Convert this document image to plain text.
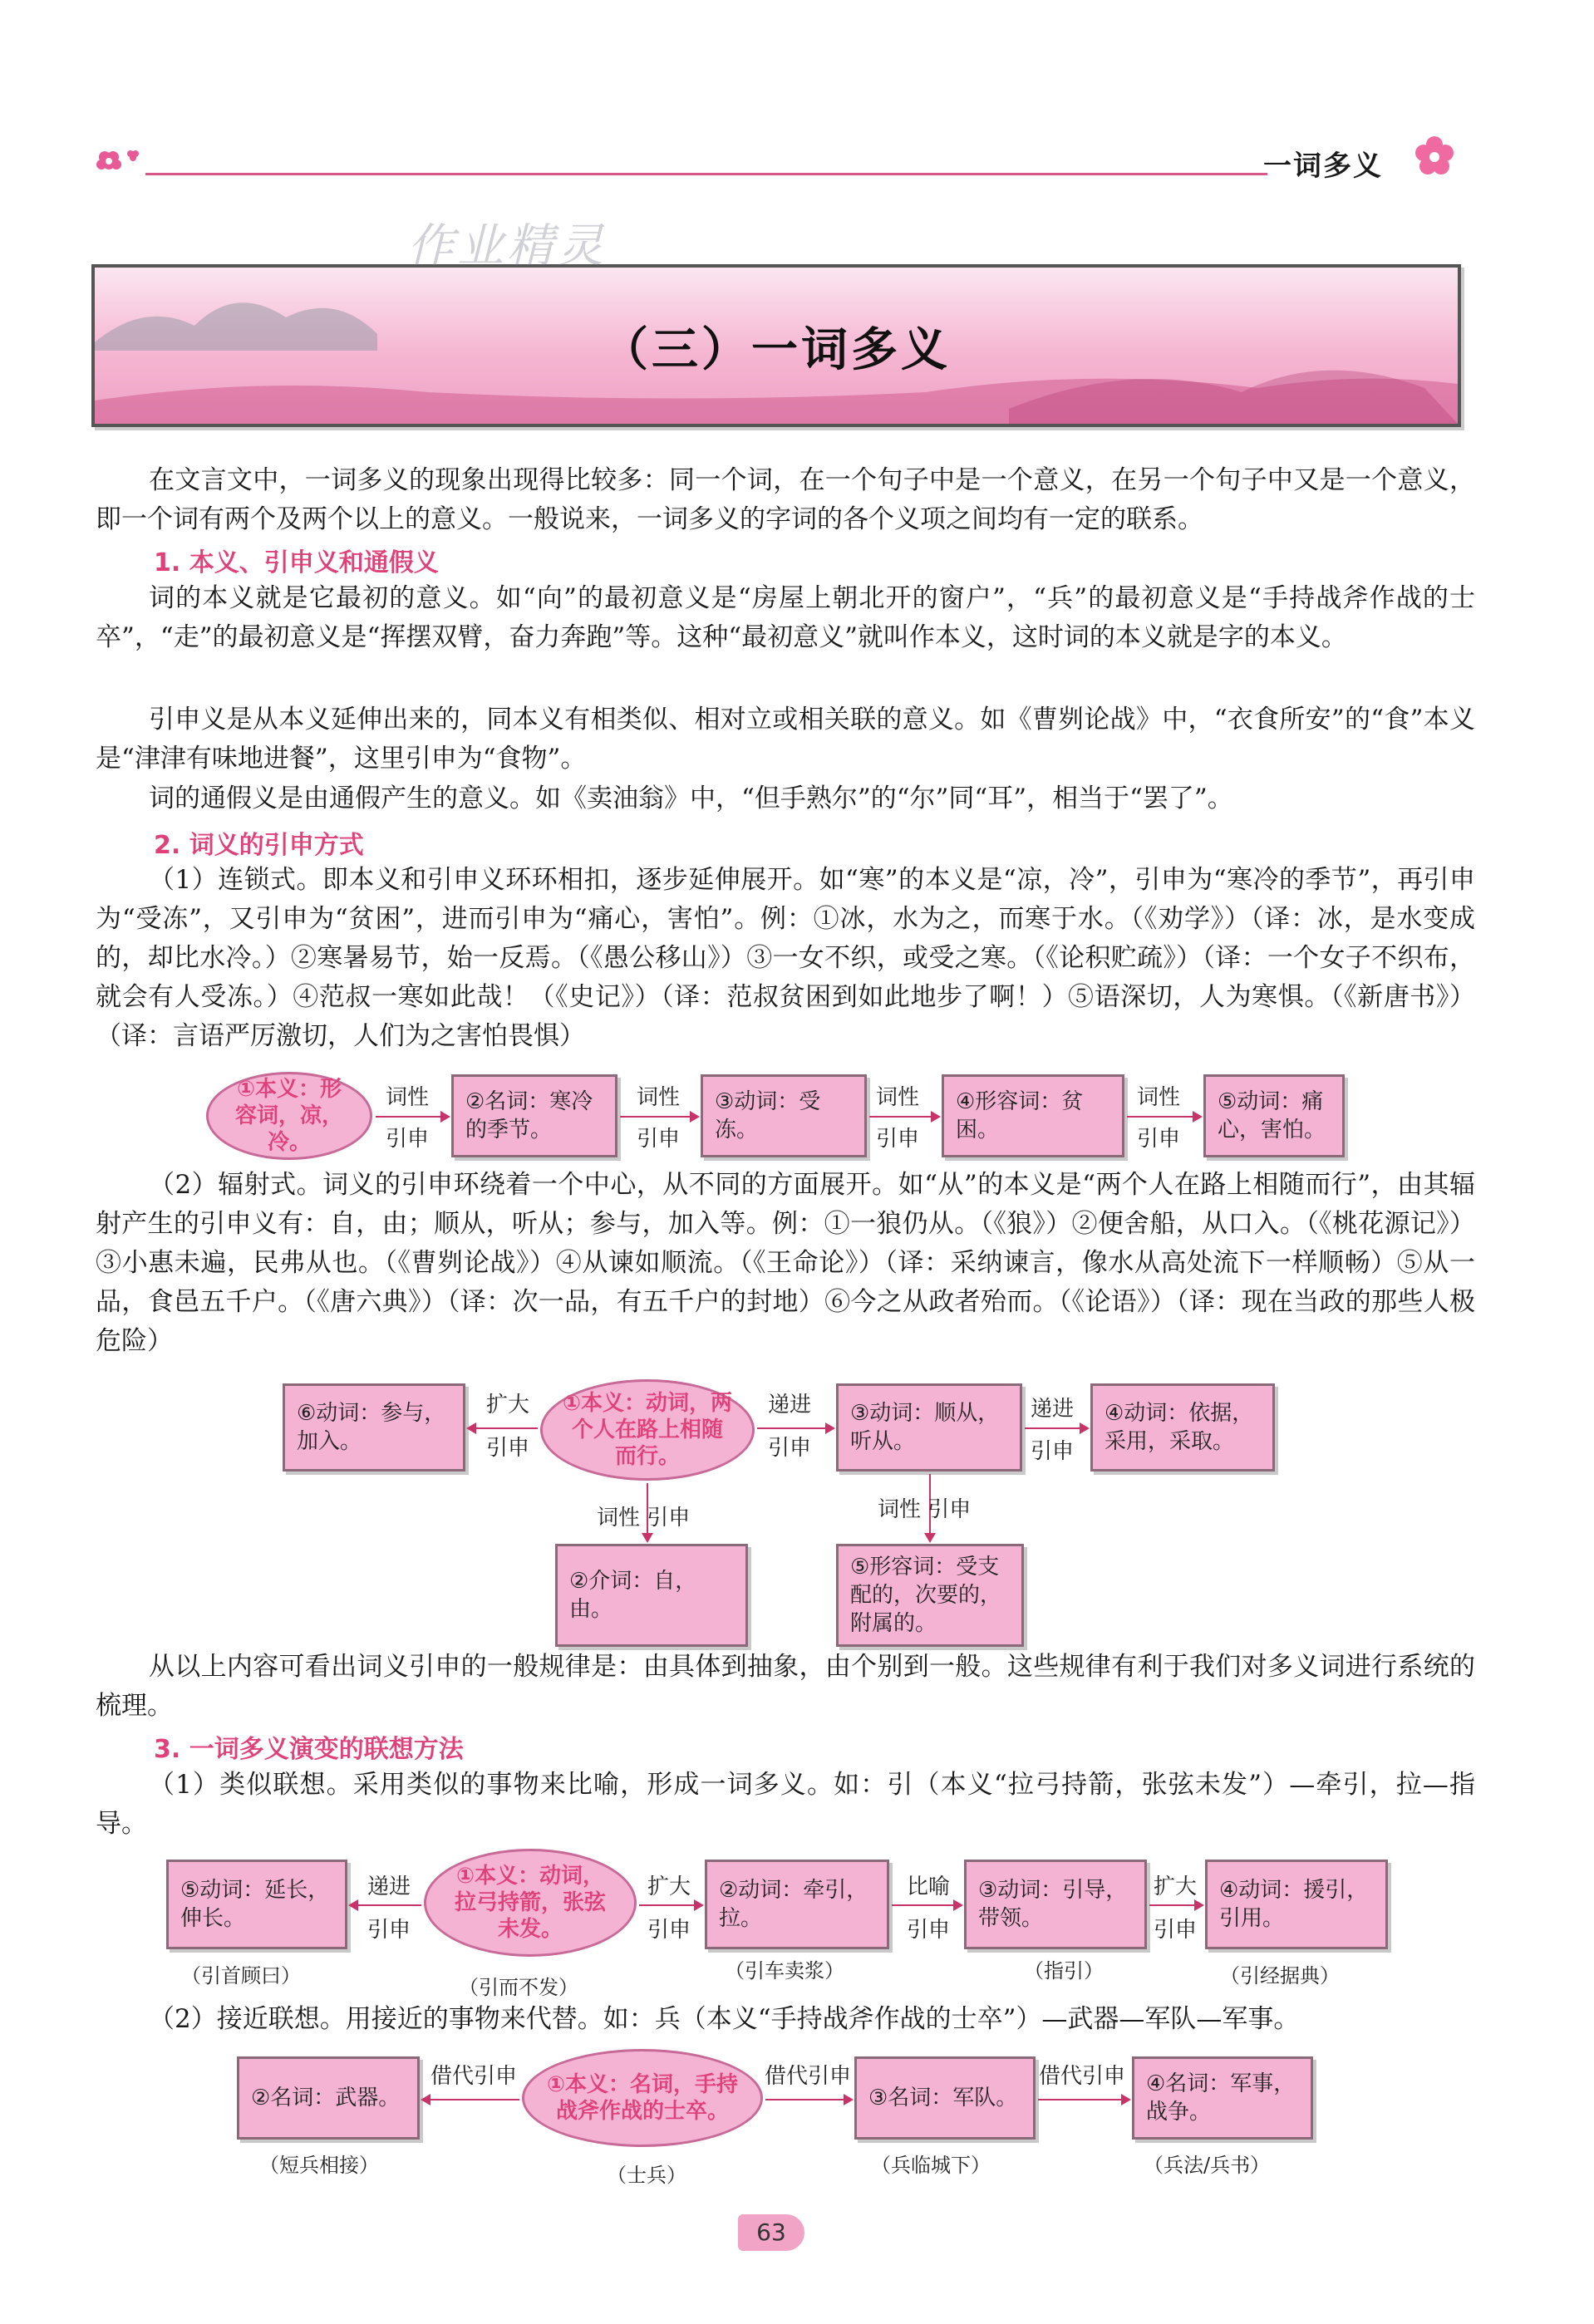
一词多义
（三）一词多义
作业精灵
在文言文中，一词多义的现象出现得比较多：同一个词，在一个句子中是一个意义，在另一个句子中又是一个意义，即一个词有两个及两个以上的意义。一般说来，一词多义的字词的各个义项之间均有一定的联系。
1. 本义、引申义和通假义
词的本义就是它最初的意义。如“向”的最初意义是“房屋上朝北开的窗户”，“兵”的最初意义是“手持战斧作战的士卒”，“走”的最初意义是“挥摆双臂，奋力奔跑”等。这种“最初意义”就叫作本义，这时词的本义就是字的本义。
引申义是从本义延伸出来的，同本义有相类似、相对立或相关联的意义。如《曹刿论战》中，“衣食所安”的“食”本义是“津津有味地进餐”，这里引申为“食物”。
词的通假义是由通假产生的意义。如《卖油翁》中，“但手熟尔”的“尔”同“耳”，相当于“罢了”。
2. 词义的引申方式
（1）连锁式。即本义和引申义环环相扣，逐步延伸展开。如“寒”的本义是“凉，冷”，引申为“寒冷的季节”，再引申为“受冻”，又引申为“贫困”，进而引申为“痛心，害怕”。例：①冰，水为之，而寒于水。（《劝学》）（译：冰，是水变成的，却比水冷。）②寒暑易节，始一反焉。（《愚公移山》）③一女不织，或受之寒。（《论积贮疏》）（译：一个女子不织布，就会有人受冻。）④范叔一寒如此哉！（《史记》）（译：范叔贫困到如此地步了啊！）⑤语深切，人为寒惧。（《新唐书》）（译：言语严厉激切，人们为之害怕畏惧）
①本义：形容词，凉，冷。
②名词：寒冷的季节。
③动词：受冻。
④形容词：贫困。
⑤动词：痛心，害怕。
词性
引申
词性
引申
词性
引申
词性
引申
（2）辐射式。词义的引申环绕着一个中心，从不同的方面展开。如“从”的本义是“两个人在路上相随而行”，由其辐射产生的引申义有：自，由；顺从，听从；参与，加入等。例：①一狼仍从。（《狼》）②便舍船，从口入。（《桃花源记》）③小惠未遍，民弗从也。（《曹刿论战》）④从谏如顺流。（《王命论》）（译：采纳谏言，像水从高处流下一样顺畅）⑤从一品，食邑五千户。（《唐六典》）（译：次一品，有五千户的封地）⑥今之从政者殆而。（《论语》）（译：现在当政的那些人极危险）
⑥动词：参与，加入。
①本义：动词，两个人在路上相随而行。
③动词：顺从，听从。
④动词：依据，采用，采取。
②介词：自，由。
⑤形容词：受支配的，次要的，附属的。
扩大
引申
递进
引申
递进
引申
词性 引申	词性 引申
从以上内容可看出词义引申的一般规律是：由具体到抽象，由个别到一般。这些规律有利于我们对多义词进行系统的梳理。
3. 一词多义演变的联想方法
（1）类似联想。采用类似的事物来比喻，形成一词多义。如：引（本义“拉弓持箭，张弦未发”）—牵引，拉—指导。
⑤动词：延长，伸长。
①本义：动词，拉弓持箭，张弦未发。
②动词：牵引，拉。
③动词：引导，带领。
④动词：援引，引用。
递进
引申
扩大
引申
比喻
引申
扩大
引申
（引首顾曰）	（引而不发）
（引车卖浆）	（指引）	（引经据典）
（2）接近联想。用接近的事物来代替。如：兵（本义“手持战斧作战的士卒”）—武器—军队—军事。
②名词：武器。
①本义：名词，手持战斧作战的士卒。
③名词：军队。
④名词：军事，战争。
借代引申	借代引申	借代引申
（短兵相接）	（士兵）	（兵临城下）	（兵法/兵书）
63
